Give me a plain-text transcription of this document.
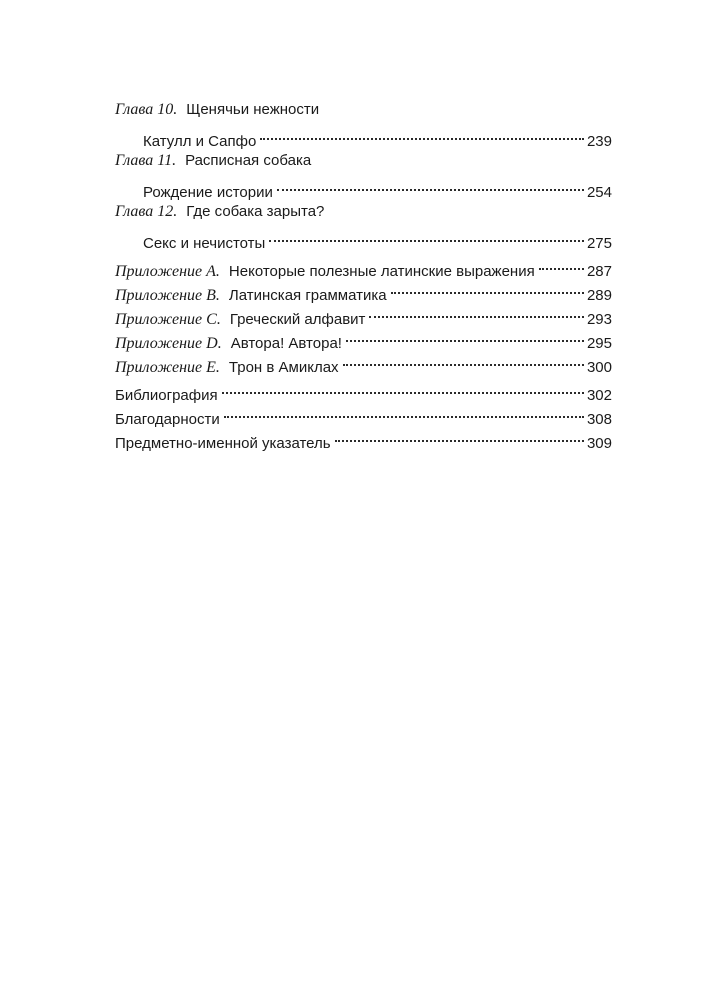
Глава 10. Щенячьи нежности
Катулл и Сапфо	239
Глава 11. Расписная собака
Рождение истории	254
Глава 12. Где собака зарыта?
Секс и нечистоты	275
Приложение A. Некоторые полезные латинские выражения	287
Приложение B. Латинская грамматика	289
Приложение C. Греческий алфавит	293
Приложение D. Автора! Автора!	295
Приложение E. Трон в Амиклах	300
Библиография	302
Благодарности	308
Предметно-именной указатель	309
